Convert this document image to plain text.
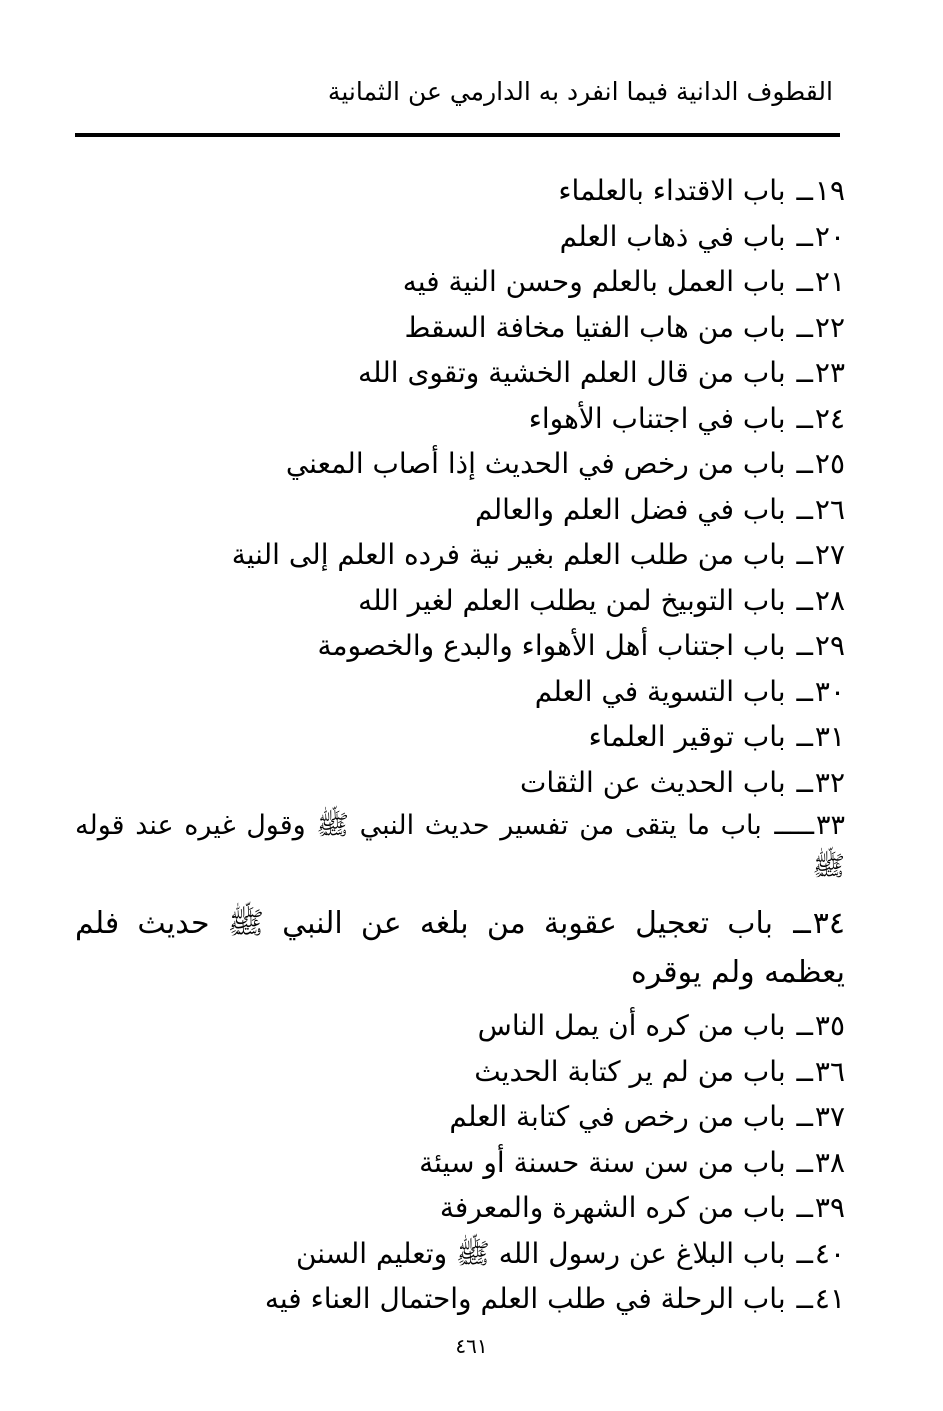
القطوف الدانية فيما انفرد به الدارمي عن الثمانية
١٩ــ باب الاقتداء بالعلماء
٢٠ــ باب في ذهاب العلم
٢١ــ باب العمل بالعلم وحسن النية فيه
٢٢ــ باب من هاب الفتيا مخافة السقط
٢٣ــ باب من قال العلم الخشية وتقوى الله
٢٤ــ باب في اجتناب الأهواء
٢٥ــ باب من رخص في الحديث إذا أصاب المعني
٢٦ــ باب في فضل العلم والعالم
٢٧ــ باب من طلب العلم بغير نية فرده العلم إلى النية
٢٨ــ باب التوبيخ لمن يطلب العلم لغير الله
٢٩ــ باب اجتناب أهل الأهواء والبدع والخصومة
٣٠ــ باب التسوية في العلم
٣١ــ باب توقير العلماء
٣٢ــ باب الحديث عن الثقات
٣٣ـــــ باب ما يتقى من تفسير حديث النبي ﷺ وقول غيره عند قوله ﷺ
٣٤ــ باب تعجيل عقوبة من بلغه عن النبي ﷺ حديث فلم يعظمه ولم يوقره
٣٥ــ باب من كره أن يمل الناس
٣٦ــ باب من لم ير كتابة الحديث
٣٧ــ باب من رخص في كتابة العلم
٣٨ــ باب من سن سنة حسنة أو سيئة
٣٩ــ باب من كره الشهرة والمعرفة
٤٠ــ باب البلاغ عن رسول الله ﷺ وتعليم السنن
٤١ــ باب الرحلة في طلب العلم واحتمال العناء فيه
٤٦١
